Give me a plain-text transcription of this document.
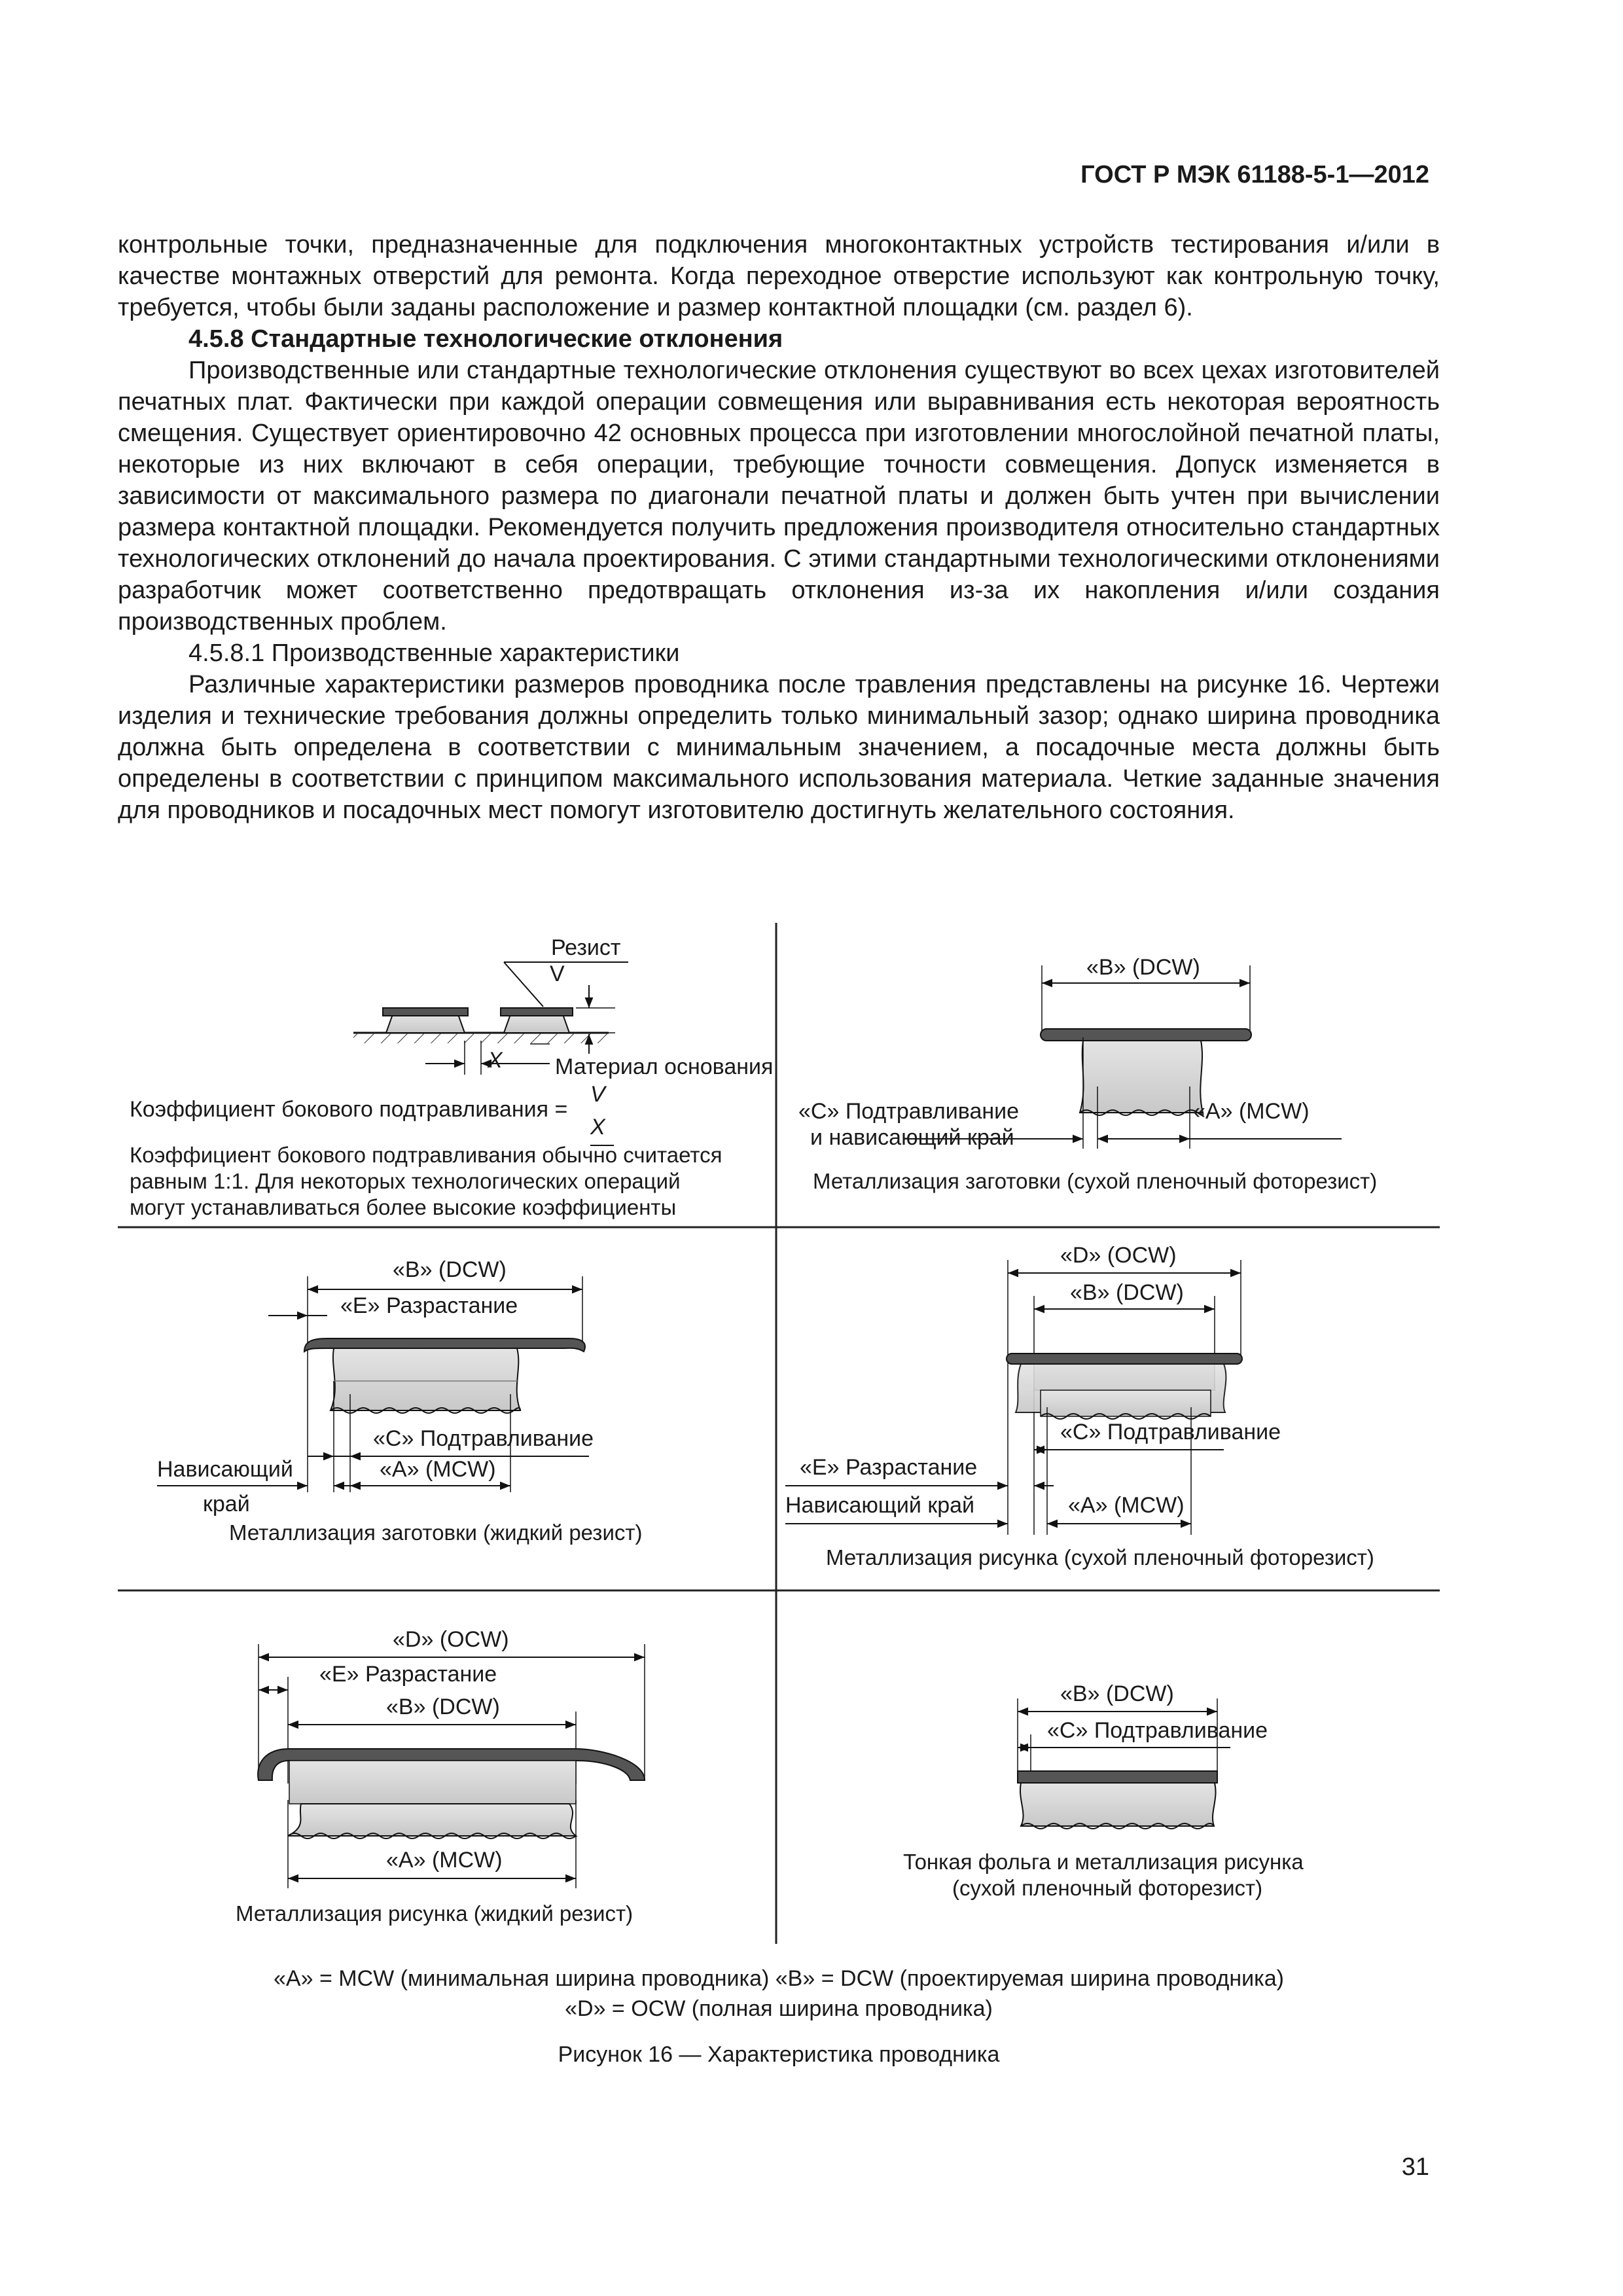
ГОСТ Р МЭК 61188-5-1—2012

контрольные точки, предназначенные для подключения многоконтактных устройств тестирования и/или в качестве монтажных отверстий для ремонта. Когда переходное отверстие используют как контрольную точку, требуется, чтобы были заданы расположение и размер контактной площадки (см. раздел 6).

4.5.8 Стандартные технологические отклонения

Производственные или стандартные технологические отклонения существуют во всех цехах изготовителей печатных плат. Фактически при каждой операции совмещения или выравнивания есть некоторая вероятность смещения. Существует ориентировочно 42 основных процесса при изготовлении многослойной печатной платы, некоторые из них включают в себя операции, требующие точности совмещения. Допуск изменяется в зависимости от максимального размера по диагонали печатной платы и должен быть учтен при вычислении размера контактной площадки. Рекомендуется получить предложения производителя относительно стандартных технологических отклонений до начала проектирования. С этими стандартными технологическими отклонениями разработчик может соответственно предотвращать отклонения из-за их накопления и/или создания производственных проблем.

4.5.8.1 Производственные характеристики

Различные характеристики размеров проводника после травления представлены на рисунке 16. Чертежи изделия и технические требования должны определить только минимальный зазор; однако ширина проводника должна быть определена в соответствии с минимальным значением, а посадочные места должны быть определены в соответствии с принципом максимального использования материала. Четкие заданные значения для проводников и посадочных мест помогут изготовителю достигнуть желательного состояния.

Резист
V
X Материал основания
Коэффициент бокового подтравливания =
V
X
Коэффициент бокового подтравливания обычно считается
равным 1:1. Для некоторых технологических операций
могут устанавливаться более высокие коэффициенты
«B» (DCW)
«C» Подтравливание
и нависающий край
«A» (MCW)
Металлизация заготовки (сухой пленочный фоторезист)
«B» (DCW)
«E» Разрастание
«C» Подтравливание
Нависающий
край
«A» (MCW)
Металлизация заготовки (жидкий резист)
«D» (OCW)
«B» (DCW)
«C» Подтравливание
«E» Разрастание
Нависающий край	«A» (MCW)
Металлизация рисунка (сухой пленочный фоторезист)
«D» (OCW)
«E» Разрастание
«B» (DCW)
«A» (MCW)
Металлизация рисунка (жидкий резист)
«B» (DCW)
«C» Подтравливание
Тонкая фольга и металлизация рисунка
(сухой пленочный фоторезист)
«A» = MCW (минимальная ширина проводника) «B» = DCW (проектируемая ширина проводника)
«D» = OCW (полная ширина проводника)
Рисунок 16 — Характеристика проводника
31
